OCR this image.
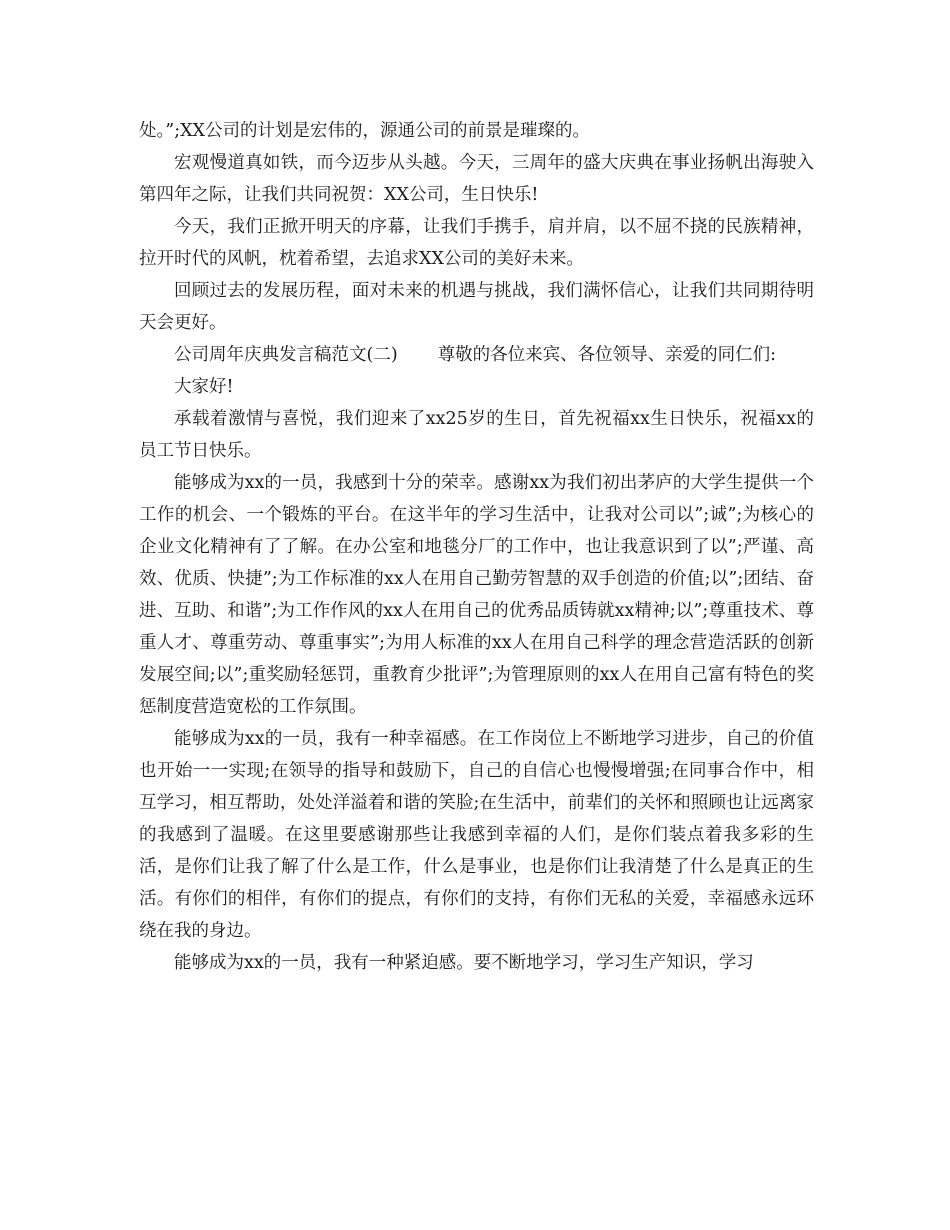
处。”;XX公司的计划是宏伟的，源通公司的前景是璀璨的。

宏观慢道真如铁，而今迈步从头越。今天，三周年的盛大庆典在事业扬帆出海驶入第四年之际，让我们共同祝贺：XX公司，生日快乐!

今天，我们正掀开明天的序幕，让我们手携手，肩并肩，以不屈不挠的民族精神，拉开时代的风帆，枕着希望，去追求XX公司的美好未来。

回顾过去的发展历程，面对未来的机遇与挑战，我们满怀信心，让我们共同期待明天会更好。

公司周年庆典发言稿范文(二) 尊敬的各位来宾、各位领导、亲爱的同仁们:

大家好!

承载着激情与喜悦，我们迎来了xx25岁的生日，首先祝福xx生日快乐，祝福xx的员工节日快乐。

能够成为xx的一员，我感到十分的荣幸。感谢xx为我们初出茅庐的大学生提供一个工作的机会、一个锻炼的平台。在这半年的学习生活中，让我对公司以”;诚”;为核心的企业文化精神有了了解。在办公室和地毯分厂的工作中，也让我意识到了以”;严谨、高效、优质、快捷”;为工作标准的xx人在用自己勤劳智慧的双手创造的价值;以”;团结、奋进、互助、和谐”;为工作作风的xx人在用自己的优秀品质铸就xx精神;以”;尊重技术、尊重人才、尊重劳动、尊重事实”;为用人标准的xx人在用自己科学的理念营造活跃的创新发展空间;以”;重奖励轻惩罚，重教育少批评”;为管理原则的xx人在用自己富有特色的奖惩制度营造宽松的工作氛围。

能够成为xx的一员，我有一种幸福感。在工作岗位上不断地学习进步，自己的价值也开始一一实现;在领导的指导和鼓励下，自己的自信心也慢慢增强;在同事合作中，相互学习，相互帮助，处处洋溢着和谐的笑脸;在生活中，前辈们的关怀和照顾也让远离家的我感到了温暖。在这里要感谢那些让我感到幸福的人们，是你们装点着我多彩的生活，是你们让我了解了什么是工作，什么是事业，也是你们让我清楚了什么是真正的生活。有你们的相伴，有你们的提点，有你们的支持，有你们无私的关爱，幸福感永远环绕在我的身边。

能够成为xx的一员，我有一种紧迫感。要不断地学习，学习生产知识，学习
